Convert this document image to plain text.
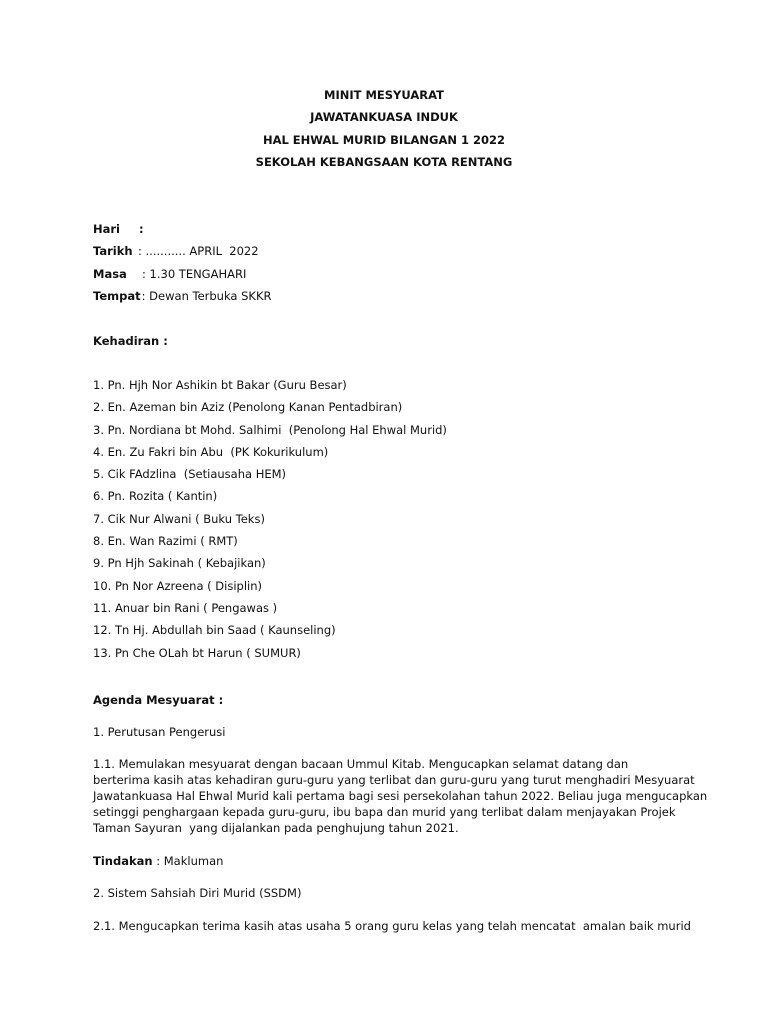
MINIT MESYUARAT
JAWATANKUASA INDUK
HAL EHWAL MURID BILANGAN 1 2022
SEKOLAH KEBANGSAAN KOTA RENTANG
Hari :
Tarikh : ........... APRIL  2022
Masa : 1.30 TENGAHARI
Tempat : Dewan Terbuka SKKR
Kehadiran :
1. Pn. Hjh Nor Ashikin bt Bakar (Guru Besar)
2. En. Azeman bin Aziz (Penolong Kanan Pentadbiran)
3. Pn. Nordiana bt Mohd. Salhimi  (Penolong Hal Ehwal Murid)
4. En. Zu Fakri bin Abu  (PK Kokurikulum)
5. Cik FAdzlina  (Setiausaha HEM)
6. Pn. Rozita ( Kantin)
7. Cik Nur Alwani ( Buku Teks)
8. En. Wan Razimi ( RMT)
9. Pn Hjh Sakinah ( Kebajikan)
10. Pn Nor Azreena ( Disiplin)
11. Anuar bin Rani ( Pengawas )
12. Tn Hj. Abdullah bin Saad ( Kaunseling)
13. Pn Che OLah bt Harun ( SUMUR)
Agenda Mesyuarat :
1. Perutusan Pengerusi
1.1. Memulakan mesyuarat dengan bacaan Ummul Kitab. Mengucapkan selamat datang dan
berterima kasih atas kehadiran guru-guru yang terlibat dan guru-guru yang turut menghadiri Mesyuarat
Jawatankuasa Hal Ehwal Murid kali pertama bagi sesi persekolahan tahun 2022. Beliau juga mengucapkan
setinggi penghargaan kepada guru-guru, ibu bapa dan murid yang terlibat dalam menjayakan Projek
Taman Sayuran  yang dijalankan pada penghujung tahun 2021.
Tindakan : Makluman
2. Sistem Sahsiah Diri Murid (SSDM)
2.1. Mengucapkan terima kasih atas usaha 5 orang guru kelas yang telah mencatat  amalan baik murid
